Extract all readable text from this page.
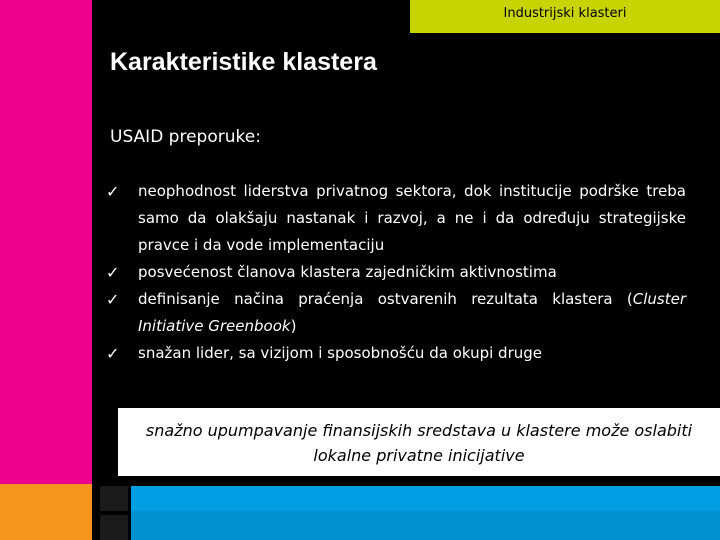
Industrijski klasteri
Karakteristike klastera
USAID preporuke:
✓ neophodnost liderstva privatnog sektora, dok institucije podrške treba samo da olakšaju nastanak i razvoj, a ne i da određuju strategijske pravce i da vode implementaciju
✓ posvećenost članova klastera zajedničkim aktivnostima
✓ definisanje načina praćenja ostvarenih rezultata klastera (Cluster Initiative Greenbook)
✓ snažan lider, sa vizijom i sposobnošću da okupi druge
snažno upumpavanje finansijskih sredstava u klastere može oslabiti lokalne privatne inicijative
